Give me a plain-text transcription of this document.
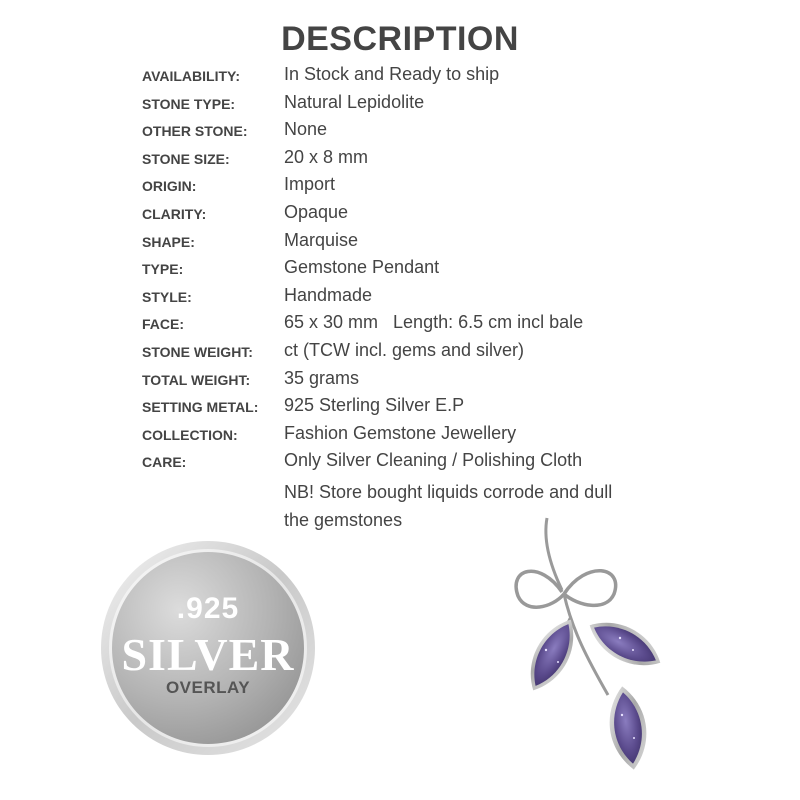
DESCRIPTION
AVAILABILITY: In Stock and Ready to ship
STONE TYPE:	Natural Lepidolite
OTHER STONE: None
STONE SIZE:	20 x 8 mm
ORIGIN:	Import
CLARITY:	Opaque
SHAPE:	Marquise
TYPE:	Gemstone Pendant
STYLE:	Handmade
FACE:	65 x 30 mm   Length: 6.5 cm incl bale
STONE WEIGHT: ct (TCW incl. gems and silver)
TOTAL WEIGHT: 35 grams
SETTING METAL: 925 Sterling Silver E.P
COLLECTION:	Fashion Gemstone Jewellery
CARE:	Only Silver Cleaning / Polishing Cloth
NB! Store bought liquids corrode and dull
the gemstones
.925
SILVER
OVERLAY
